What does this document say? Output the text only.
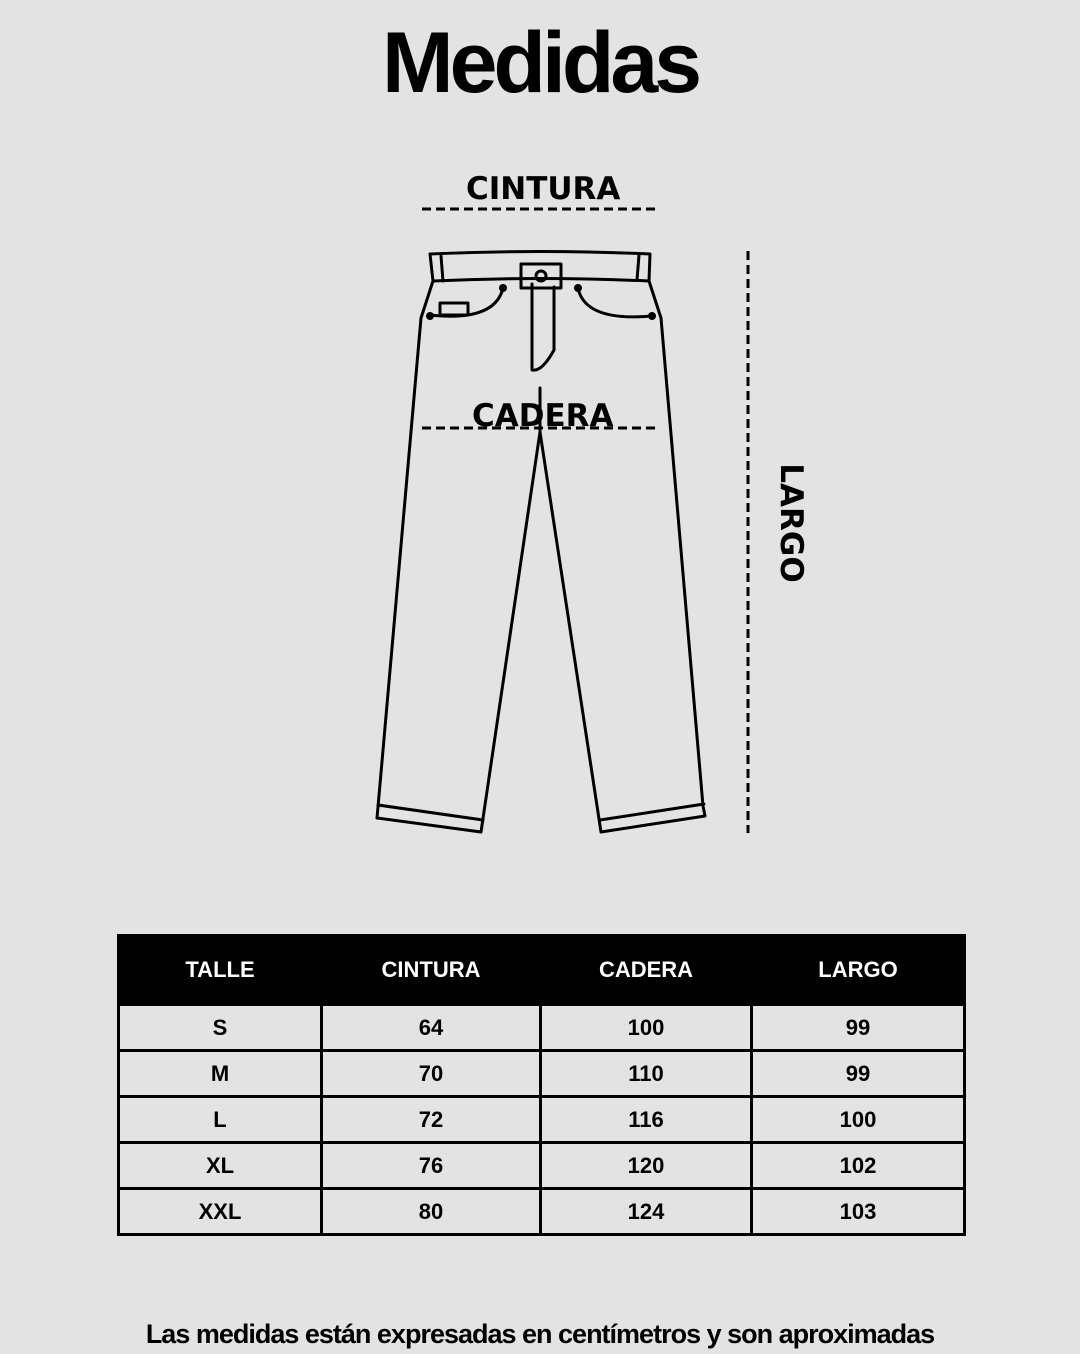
Medidas
CINTURA
CADERA
LARGO
TALLE	CINTURA	CADERA	LARGO
S	64	100	99
M	70	110	99
L	72	116	100
XL	76	120	102
XXL	80	124	103
Las medidas están expresadas en centímetros y son aproximadas
